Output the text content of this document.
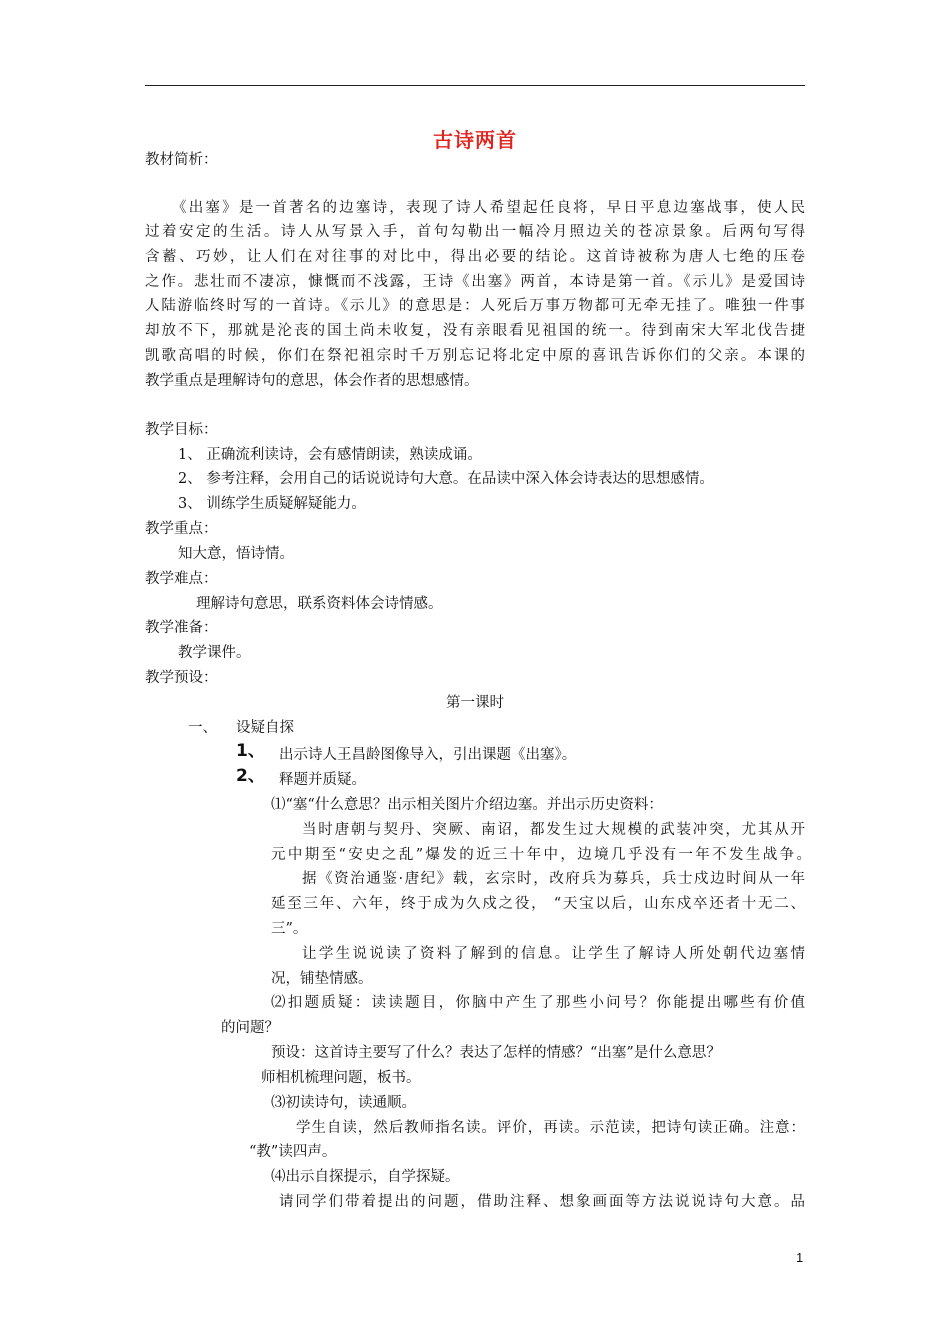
古诗两首
教材简析：
《出塞》是一首著名的边塞诗，表现了诗人希望起任良将，早日平息边塞战事，使人民
过着安定的生活。诗人从写景入手，首句勾勒出一幅冷月照边关的苍凉景象。后两句写得
含蓄、巧妙，让人们在对往事的对比中，得出必要的结论。这首诗被称为唐人七绝的压卷
之作。悲壮而不凄凉，慷慨而不浅露，王诗《出塞》两首，本诗是第一首。《示儿》是爱国诗
人陆游临终时写的一首诗。《示儿》的意思是：人死后万事万物都可无牵无挂了。唯独一件事
却放不下，那就是沦丧的国土尚未收复，没有亲眼看见祖国的统一。待到南宋大军北伐告捷
凯歌高唱的时候，你们在祭祀祖宗时千万别忘记将北定中原的喜讯告诉你们的父亲。本课的
教学重点是理解诗句的意思，体会作者的思想感情。
教学目标：
1、 正确流利读诗，会有感情朗读，熟读成诵。
2、 参考注释，会用自己的话说说诗句大意。在品读中深入体会诗表达的思想感情。
3、 训练学生质疑解疑能力。
教学重点：
知大意，悟诗情。
教学难点：
理解诗句意思，联系资料体会诗情感。
教学准备：
教学课件。
教学预设：
第一课时
一、 设疑自探
1、 出示诗人王昌龄图像导入，引出课题《出塞》。
2、 释题并质疑。
⑴“塞“什么意思？出示相关图片介绍边塞。并出示历史资料：
当时唐朝与契丹、突厥、南诏，都发生过大规模的武装冲突，尤其从开
元中期至“安史之乱”爆发的近三十年中，边境几乎没有一年不发生战争。
据《资治通鉴·唐纪》载，玄宗时，改府兵为募兵，兵士戍边时间从一年
延至三年、六年，终于成为久戍之役， “天宝以后，山东戍卒还者十无二、
三”。
让学生说说读了资料了解到的信息。让学生了解诗人所处朝代边塞情
况，铺垫情感。
⑵扣题质疑：读读题目，你脑中产生了那些小问号？你能提出哪些有价值
的问题？
预设：这首诗主要写了什么？表达了怎样的情感？“出塞”是什么意思？
师相机梳理问题，板书。
⑶初读诗句，读通顺。
学生自读，然后教师指名读。评价，再读。示范读，把诗句读正确。注意：
“教”读四声。
⑷出示自探提示，自学探疑。
请同学们带着提出的问题，借助注释、想象画面等方法说说诗句大意。品
1
